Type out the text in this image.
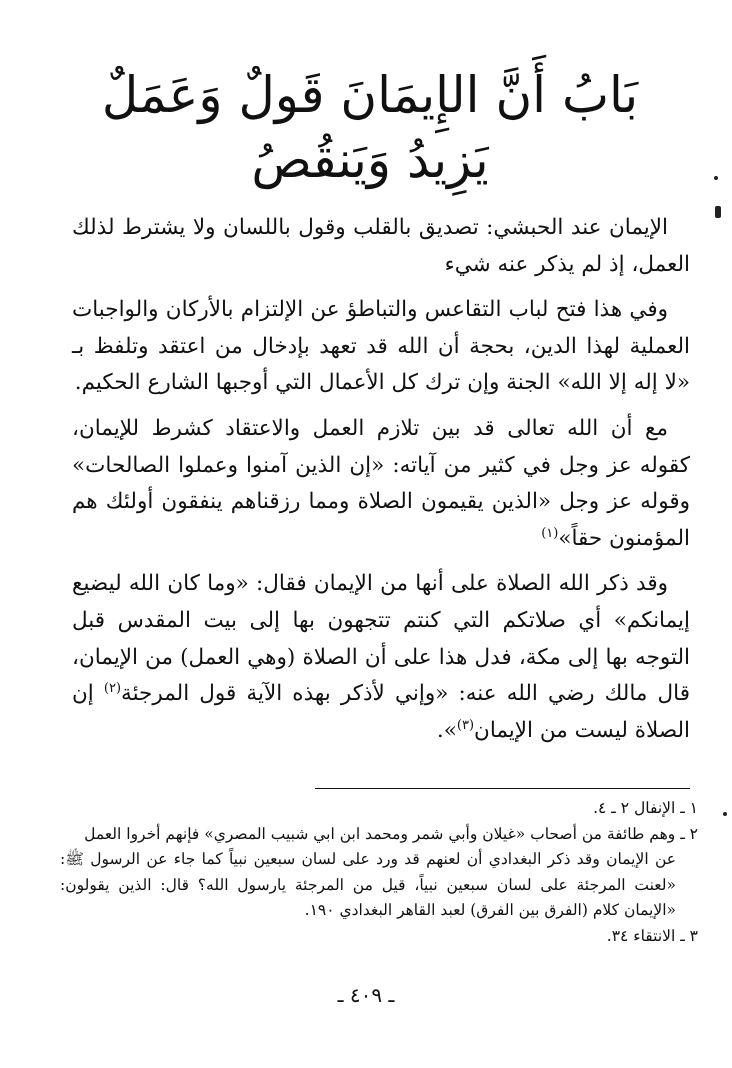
بَابُ أَنَّ الإِيمَانَ قَولٌ وَعَمَلٌ
يَزِيدُ وَيَنقُصُ

الإيمان عند الحبشي: تصديق بالقلب وقول باللسان ولا يشترط لذلك العمل، إذ لم يذكر عنه شيء

وفي هذا فتح لباب التقاعس والتباطؤ عن الإلتزام بالأركان والواجبات العملية لهذا الدين، بحجة أن الله قد تعهد بإدخال من اعتقد وتلفظ بـ «لا إله إلا الله» الجنة وإن ترك كل الأعمال التي أوجبها الشارع الحكيم.

مع أن الله تعالى قد بين تلازم العمل والاعتقاد كشرط للإيمان، كقوله عز وجل في كثير من آياته: «إن الذين آمنوا وعملوا الصالحات» وقوله عز وجل «الذين يقيمون الصلاة ومما رزقناهم ينفقون أولئك هم المؤمنون حقاً»$^{(١)}$

وقد ذكر الله الصلاة على أنها من الإيمان فقال: «وما كان الله ليضيع إيمانكم» أي صلاتكم التي كنتم تتجهون بها إلى بيت المقدس قبل التوجه بها إلى مكة، فدل هذا على أن الصلاة (وهي العمل) من الإيمان، قال مالك رضي الله عنه: «وإني لأذكر بهذه الآية قول المرجئة$^{(٢)}$ إن الصلاة ليست من الإيمان$^{(٣)}$».

١ ـ الإنفال ٢ ـ ٤.

٢ ـ وهم طائفة من أصحاب «غيلان وأبي شمر ومحمد ابن ابي شبيب المصري» فإنهم أخروا العمل

عن الإيمان وقد ذكر البغدادي أن لعنهم قد ورد على لسان سبعين نبياً كما جاء عن الرسول ﷺ: «لعنت المرجئة على لسان سبعين نبياً، قيل من المرجئة يارسول الله؟ قال: الذين يقولون: «الإيمان كلام (الفرق بين الفرق) لعبد القاهر البغدادي ١٩٠.

٣ ـ الانتقاء ٣٤.

ـ ٤٠٩ ـ
